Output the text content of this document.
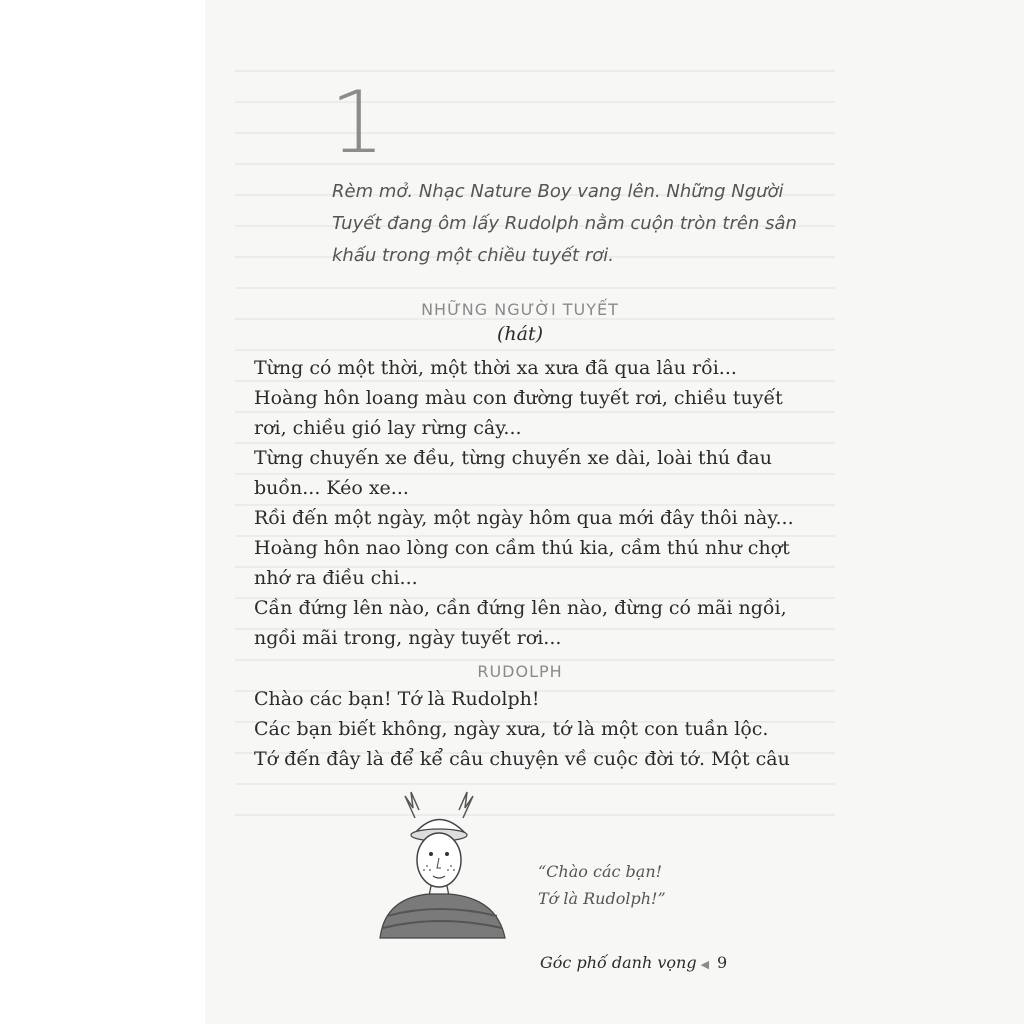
1

Rèm mở. Nhạc Nature Boy vang lên. Những Người Tuyết đang ôm lấy Rudolph nằm cuộn tròn trên sân khấu trong một chiều tuyết rơi.

NHỮNG NGƯỜI TUYẾT

(hát)

Từng có một thời, một thời xa xưa đã qua lâu rồi...

Hoàng hôn loang màu con đường tuyết rơi, chiều tuyết

rơi, chiều gió lay rừng cây...

Từng chuyến xe đều, từng chuyến xe dài, loài thú đau

buồn... Kéo xe...

Rồi đến một ngày, một ngày hôm qua mới đây thôi này...

Hoàng hôn nao lòng con cầm thú kia, cầm thú như chợt

nhớ ra điều chi...

Cần đứng lên nào, cần đứng lên nào, đừng có mãi ngồi,

ngồi mãi trong, ngày tuyết rơi...

RUDOLPH

Chào các bạn! Tớ là Rudolph!

Các bạn biết không, ngày xưa, tớ là một con tuần lộc.

Tớ đến đây là để kể câu chuyện về cuộc đời tớ. Một câu

“Chào các bạn!

Tớ là Rudolph!”

Góc phố danh vọng ◀ 9
